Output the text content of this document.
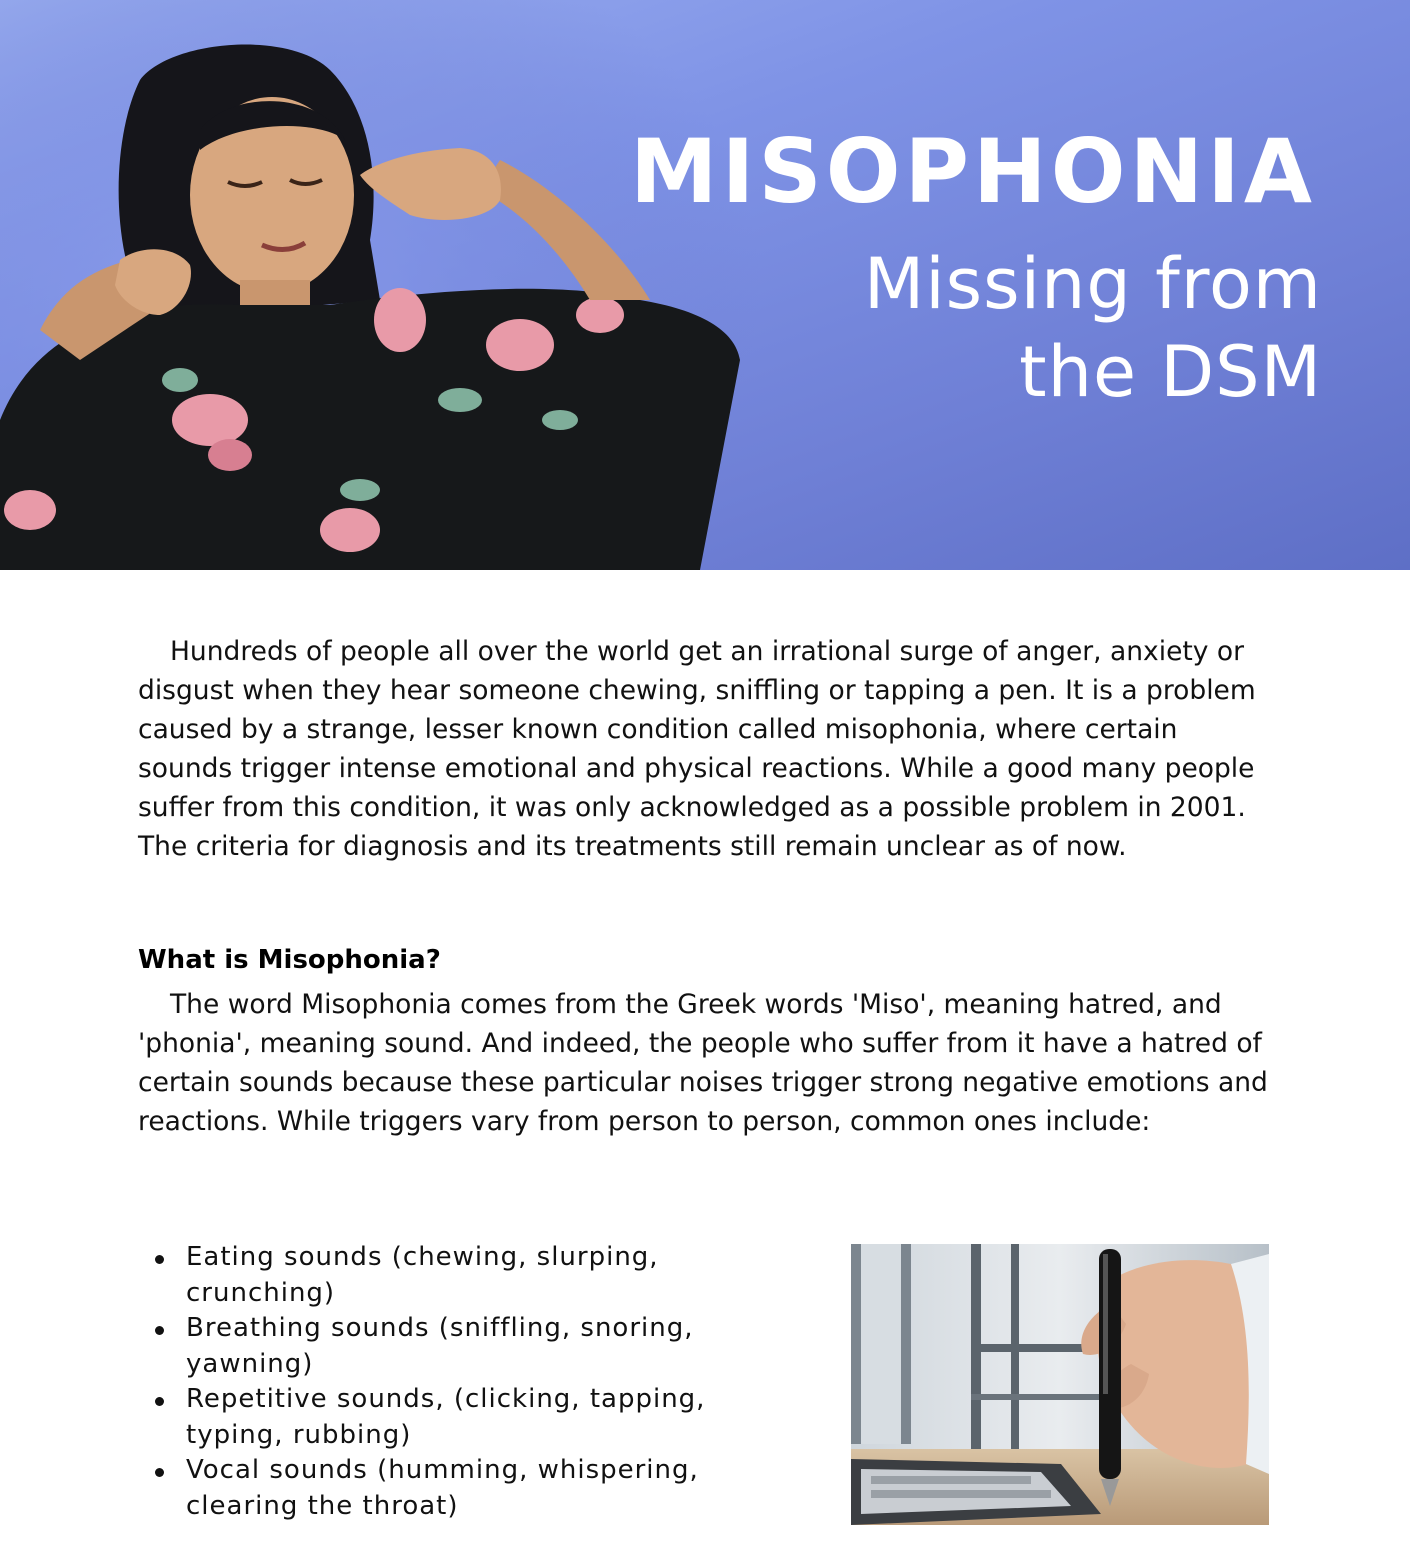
MISOPHONIA
Missing from
the DSM

Hundreds of people all over the world get an irrational surge of anger, anxiety or disgust when they hear someone chewing, sniffling or tapping a pen. It is a problem caused by a strange, lesser known condition called misophonia, where certain sounds trigger intense emotional and physical reactions. While a good many people suffer from this condition, it was only acknowledged as a possible problem in 2001. The criteria for diagnosis and its treatments still remain unclear as of now.

What is Misophonia?

The word Misophonia comes from the Greek words 'Miso', meaning hatred, and 'phonia', meaning sound. And indeed, the people who suffer from it have a hatred of certain sounds because these particular noises trigger strong negative emotions and reactions. While triggers vary from person to person, common ones include:

Eating sounds (chewing, slurping,
crunching)
Breathing sounds (sniffling, snoring,
yawning)
Repetitive sounds, (clicking, tapping,
typing, rubbing)
Vocal sounds (humming, whispering,
clearing the throat)
